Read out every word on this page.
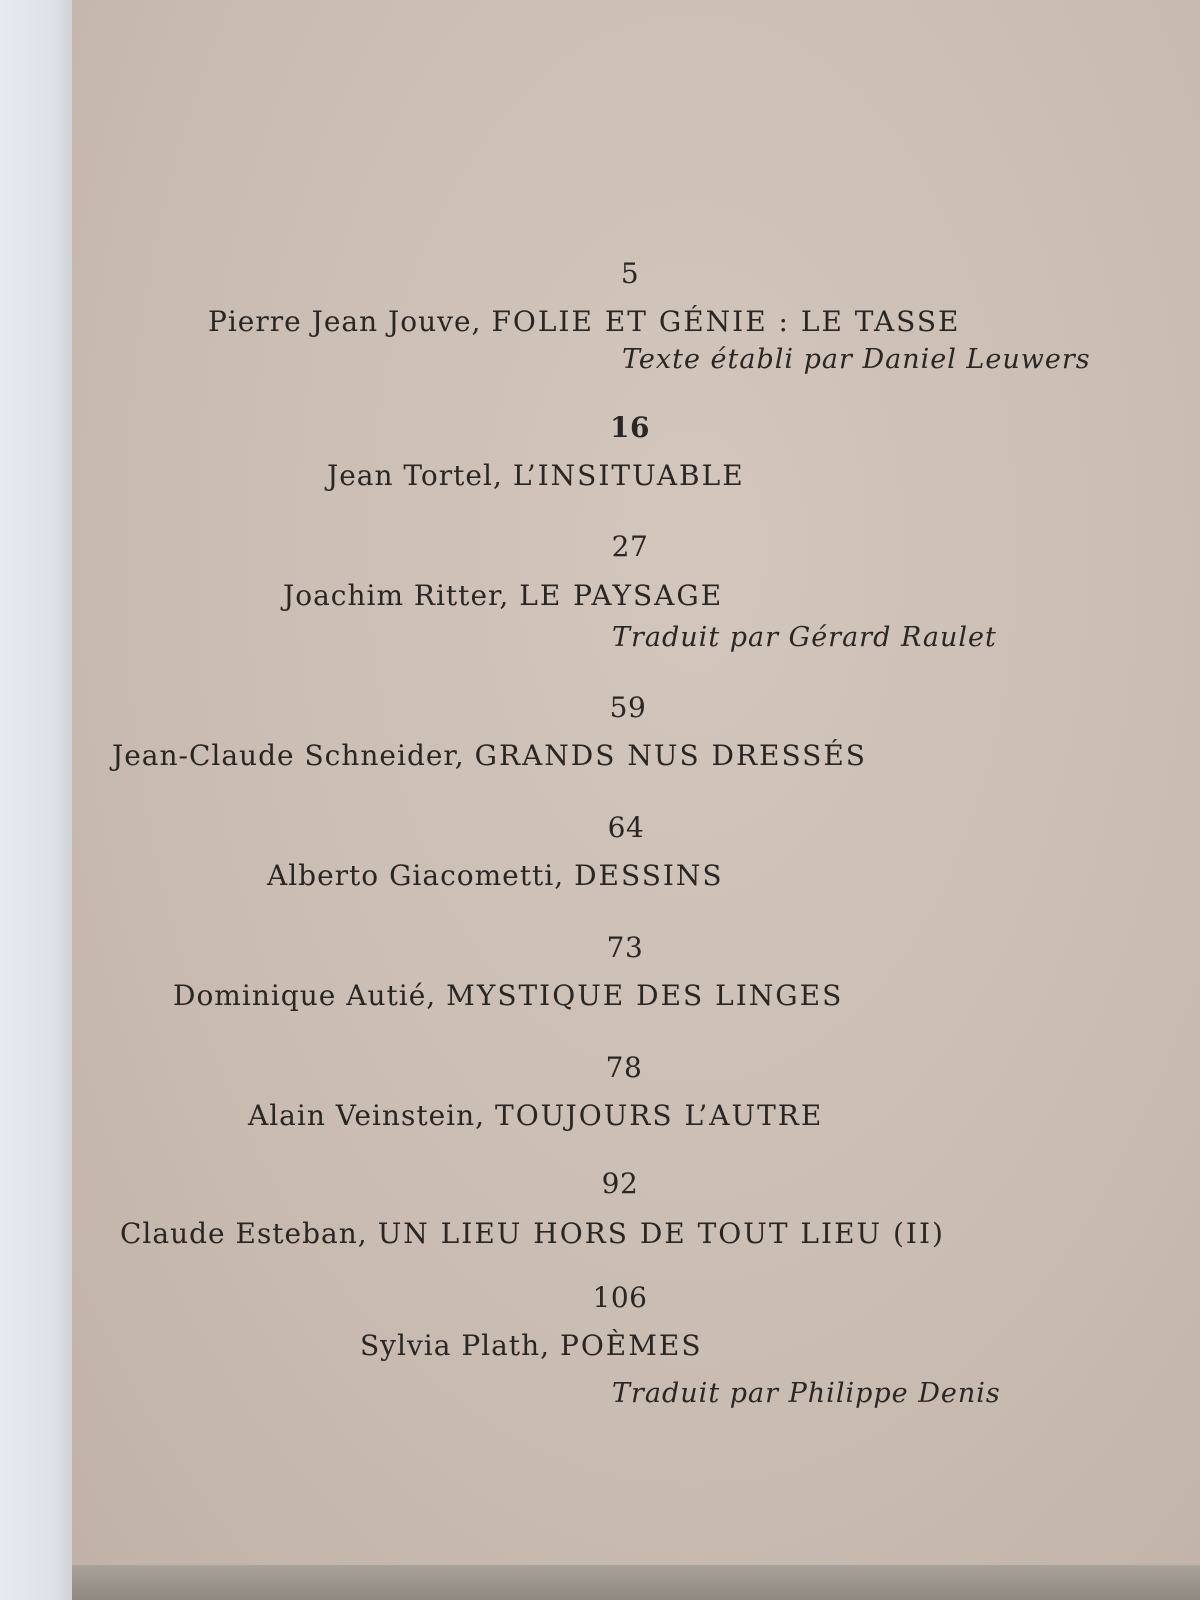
5
Pierre Jean Jouve, FOLIE ET GÉNIE : LE TASSE
Texte établi par Daniel Leuwers
16
Jean Tortel, L’INSITUABLE
27
Joachim Ritter, LE PAYSAGE
Traduit par Gérard Raulet
59
Jean-Claude Schneider, GRANDS NUS DRESSÉS
64
Alberto Giacometti, DESSINS
73
Dominique Autié, MYSTIQUE DES LINGES
78
Alain Veinstein, TOUJOURS L’AUTRE
92
Claude Esteban, UN LIEU HORS DE TOUT LIEU (II)
106
Sylvia Plath, POÈMES
Traduit par Philippe Denis
